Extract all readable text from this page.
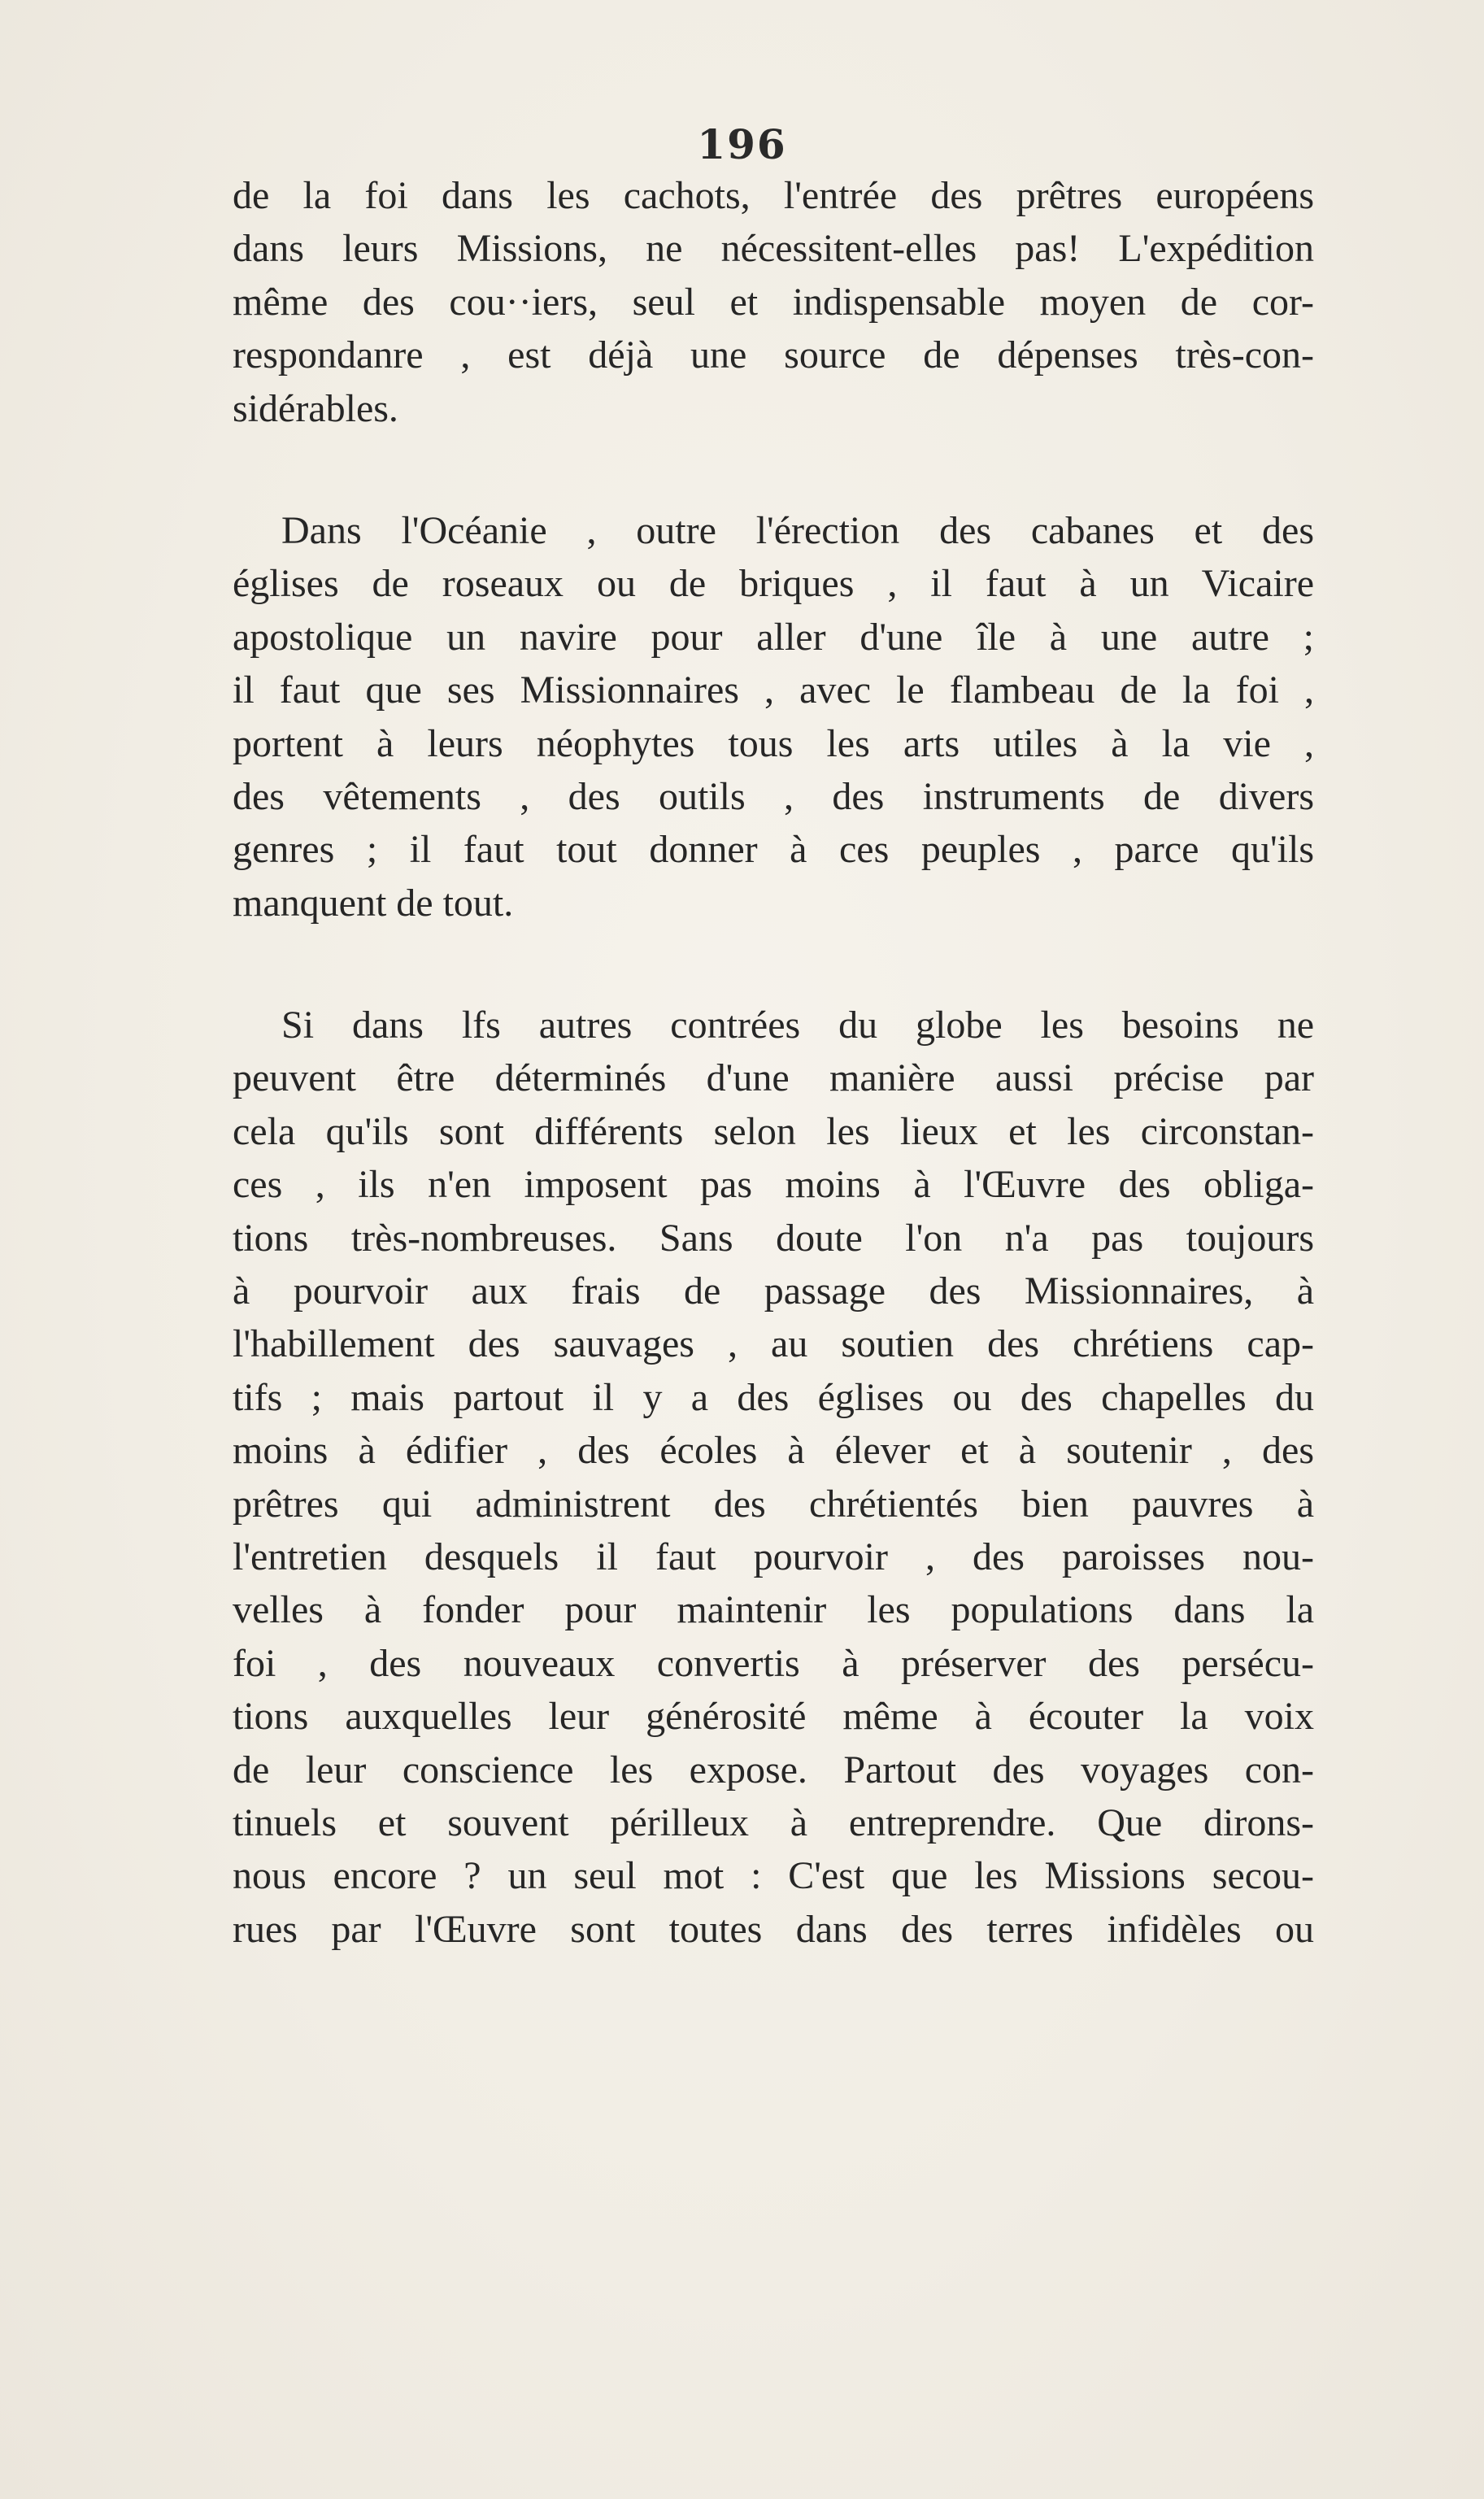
196
de la foi dans les cachots, l'entrée des prêtres européens
dans leurs Missions, ne nécessitent-elles pas! L'expédition
même des cou··iers, seul et indispensable moyen de cor-
respondanre , est déjà une source de dépenses très-con-
sidérables.
Dans l'Océanie , outre l'érection des cabanes et des
églises de roseaux ou de briques , il faut à un Vicaire
apostolique un navire pour aller d'une île à une autre ;
il faut que ses Missionnaires , avec le flambeau de la foi ,
portent à leurs néophytes tous les arts utiles à la vie ,
des vêtements , des outils , des instruments de divers
genres ; il faut tout donner à ces peuples , parce qu'ils
manquent de tout.
Si dans lfs autres contrées du globe les besoins ne
peuvent être déterminés d'une manière aussi précise par
cela qu'ils sont différents selon les lieux et les circonstan-
ces , ils n'en imposent pas moins à l'Œuvre des obliga-
tions très-nombreuses. Sans doute l'on n'a pas toujours
à pourvoir aux frais de passage des Missionnaires, à
l'habillement des sauvages , au soutien des chrétiens cap-
tifs ; mais partout il y a des églises ou des chapelles du
moins à édifier , des écoles à élever et à soutenir , des
prêtres qui administrent des chrétientés bien pauvres à
l'entretien desquels il faut pourvoir , des paroisses nou-
velles à fonder pour maintenir les populations dans la
foi , des nouveaux convertis à préserver des persécu-
tions auxquelles leur générosité même à écouter la voix
de leur conscience les expose. Partout des voyages con-
tinuels et souvent périlleux à entreprendre. Que dirons-
nous encore ? un seul mot : C'est que les Missions secou-
rues par l'Œuvre sont toutes dans des terres infidèles ou
